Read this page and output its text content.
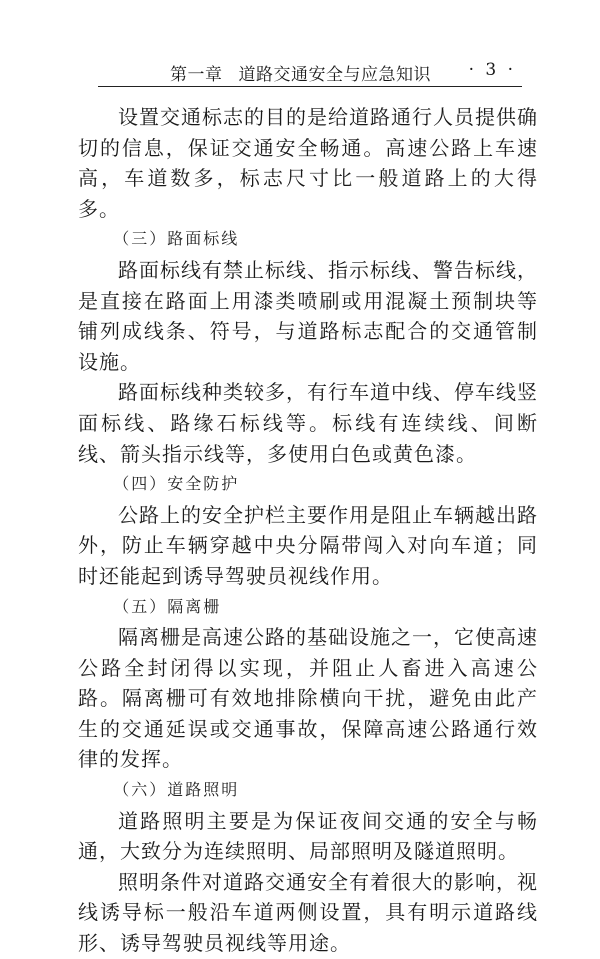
第一章 道路交通安全与应急知识 · 3 ·

设置交通标志的目的是给道路通行人员提供确切的信息，保证交通安全畅通。高速公路上车速高，车道数多，标志尺寸比一般道路上的大得多。

（三）路面标线

路面标线有禁止标线、指示标线、警告标线，是直接在路面上用漆类喷刷或用混凝土预制块等铺列成线条、符号，与道路标志配合的交通管制设施。

路面标线种类较多，有行车道中线、停车线竖面标线、路缘石标线等。标线有连续线、间断线、箭头指示线等，多使用白色或黄色漆。

（四）安全防护

公路上的安全护栏主要作用是阻止车辆越出路外，防止车辆穿越中央分隔带闯入对向车道；同时还能起到诱导驾驶员视线作用。

（五）隔离栅

隔离栅是高速公路的基础设施之一，它使高速公路全封闭得以实现，并阻止人畜进入高速公路。隔离栅可有效地排除横向干扰，避免由此产生的交通延误或交通事故，保障高速公路通行效律的发挥。

（六）道路照明

道路照明主要是为保证夜间交通的安全与畅通，大致分为连续照明、局部照明及隧道照明。

照明条件对道路交通安全有着很大的影响，视线诱导标一般沿车道两侧设置，具有明示道路线形、诱导驾驶员视线等用途。
